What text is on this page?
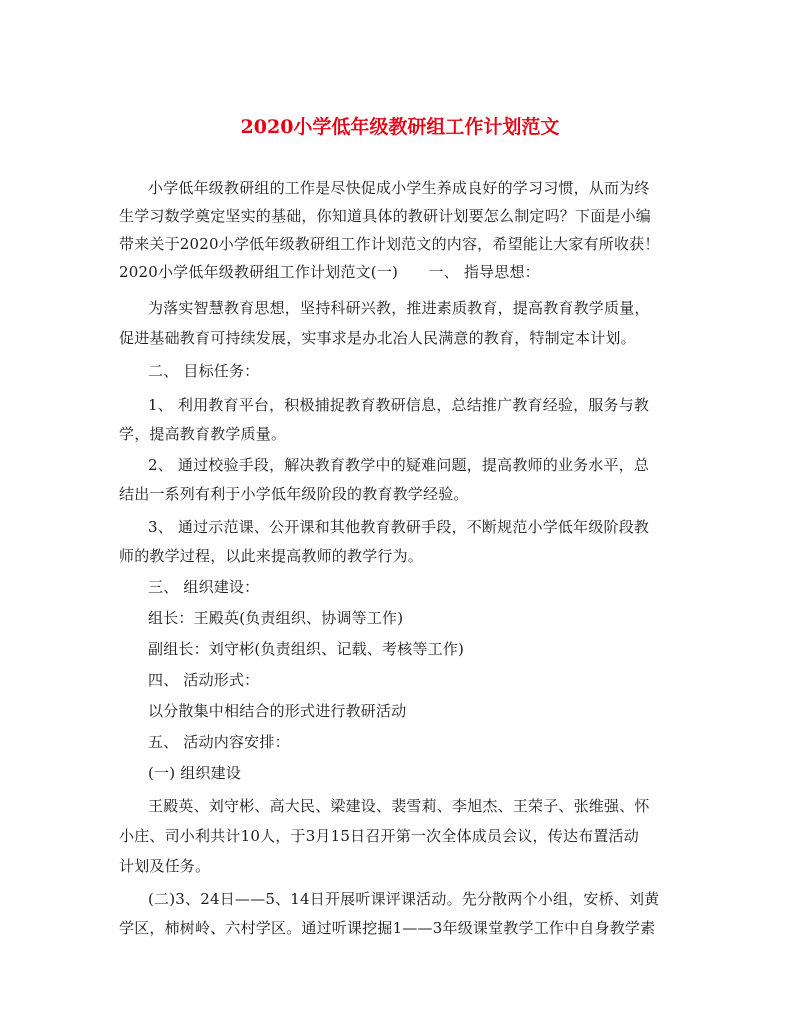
2020小学低年级教研组工作计划范文
小学低年级教研组的工作是尽快促成小学生养成良好的学习习惯，从而为终
生学习数学奠定坚实的基础，你知道具体的教研计划要怎么制定吗？下面是小编
带来关于2020小学低年级教研组工作计划范文的内容，希望能让大家有所收获！
2020小学低年级教研组工作计划范文(一)　　一、 指导思想：
为落实智慧教育思想，坚持科研兴教，推进素质教育，提高教育教学质量，
促进基础教育可持续发展，实事求是办北冶人民满意的教育，特制定本计划。
二、 目标任务：
1、 利用教育平台，积极捕捉教育教研信息，总结推广教育经验，服务与教
学，提高教育教学质量。
2、 通过校验手段，解决教育教学中的疑难问题，提高教师的业务水平，总
结出一系列有利于小学低年级阶段的教育教学经验。
3、 通过示范课、公开课和其他教育教研手段，不断规范小学低年级阶段教
师的教学过程，以此来提高教师的教学行为。
三、 组织建设：
组长：王殿英(负责组织、协调等工作)
副组长：刘守彬(负责组织、记载、考核等工作)
四、 活动形式：
以分散集中相结合的形式进行教研活动
五、 活动内容安排：
(一) 组织建设
王殿英、刘守彬、高大民、梁建设、裴雪莉、李旭杰、王荣子、张维强、怀
小庄、司小利共计10人，于3月15日召开第一次全体成员会议，传达布置活动
计划及任务。
(二)3、24日——5、14日开展听课评课活动。先分散两个小组，安桥、刘黄
学区，柿树岭、六村学区。通过听课挖掘1——3年级课堂教学工作中自身教学素
